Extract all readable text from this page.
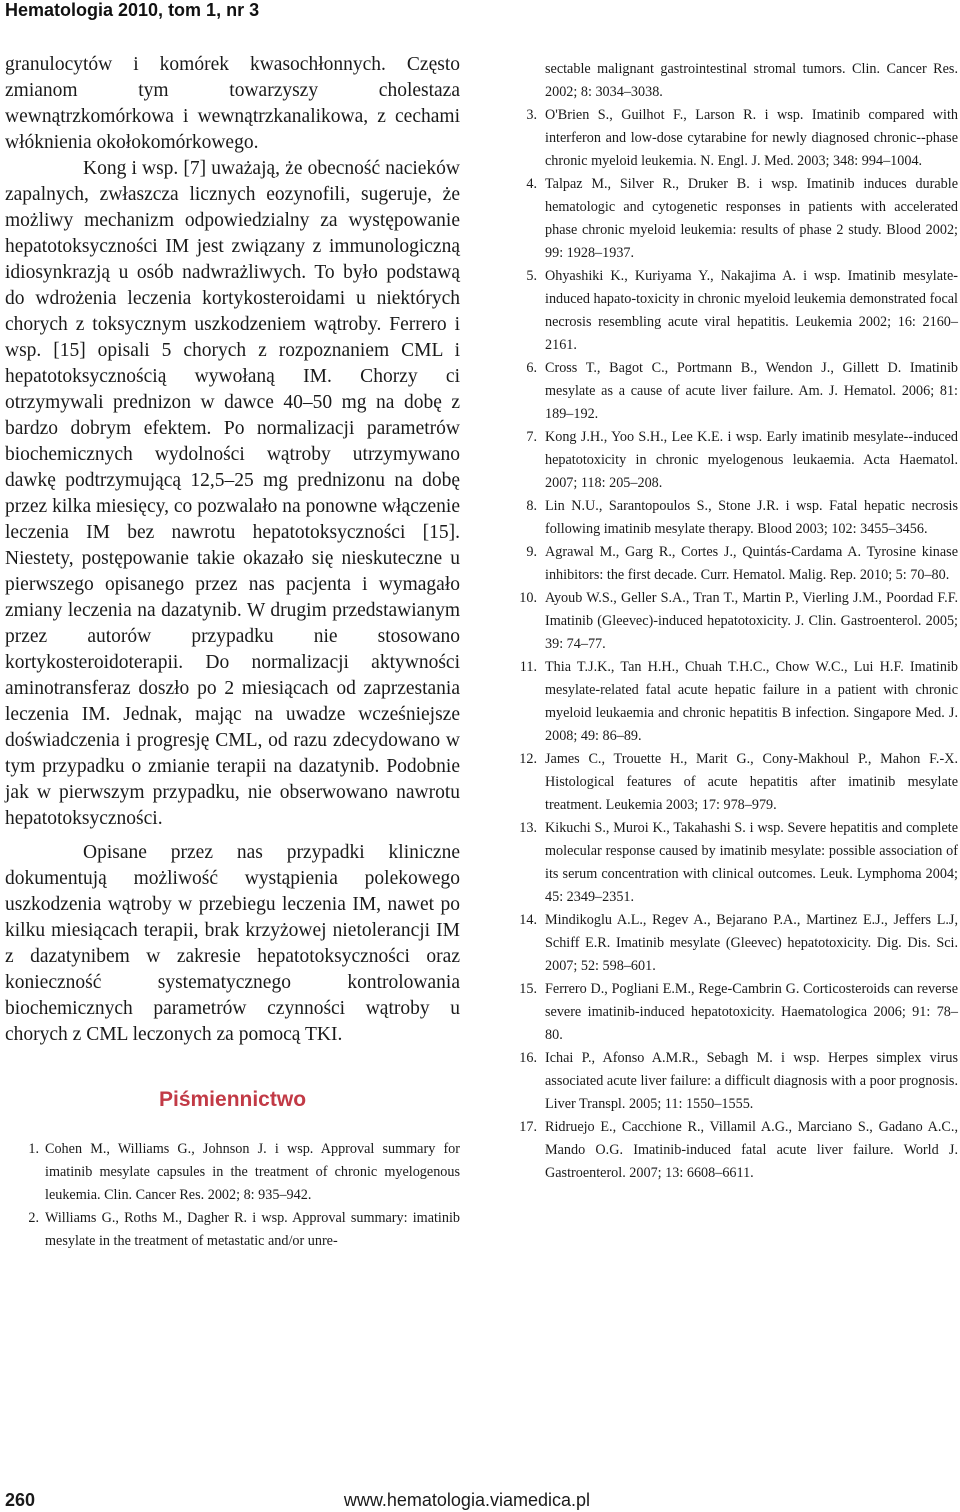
Hematologia 2010, tom 1, nr 3

granulocytów i komórek kwasochłonnych. Często zmianom tym towarzyszy cholestaza wewnątrzkomórkowa i wewnątrzkanalikowa, z cechami włóknienia okołokomórkowego.

Kong i wsp. [7] uważają, że obecność nacieków zapalnych, zwłaszcza licznych eozynofili, sugeruje, że możliwy mechanizm odpowiedzialny za występowanie hepatotoksyczności IM jest związany z immunologiczną idiosynkrazją u osób nadwrażliwych. To było podstawą do wdrożenia leczenia kortykosteroidami u niektórych chorych z toksycznym uszkodzeniem wątroby. Ferrero i wsp. [15] opisali 5 chorych z rozpoznaniem CML i hepatotoksycznością wywołaną IM. Chorzy ci otrzymywali prednizon w dawce 40–50 mg na dobę z bardzo dobrym efektem. Po normalizacji parametrów biochemicznych wydolności wątroby utrzymywano dawkę podtrzymującą 12,5–25 mg prednizonu na dobę przez kilka miesięcy, co pozwalało na ponowne włączenie leczenia IM bez nawrotu hepatotoksyczności [15]. Niestety, postępowanie takie okazało się nieskuteczne u pierwszego opisanego przez nas pacjenta i wymagało zmiany leczenia na dazatynib. W drugim przedstawianym przez autorów przypadku nie stosowano kortykosteroidoterapii. Do normalizacji aktywności aminotransferaz doszło po 2 miesiącach od zaprzestania leczenia IM. Jednak, mając na uwadze wcześniejsze doświadczenia i progresję CML, od razu zdecydowano w tym przypadku o zmianie terapii na dazatynib. Podobnie jak w pierwszym przypadku, nie obserwowano nawrotu hepatotoksyczności.

Opisane przez nas przypadki kliniczne dokumentują możliwość wystąpienia polekowego uszkodzenia wątroby w przebiegu leczenia IM, nawet po kilku miesiącach terapii, brak krzyżowej nietolerancji IM z dazatynibem w zakresie hepatotoksyczności oraz konieczność systematycznego kontrolowania biochemicznych parametrów czynności wątroby u chorych z CML leczonych za pomocą TKI.

Piśmiennictwo
1. Cohen M., Williams G., Johnson J. i wsp. Approval summary for imatinib mesylate capsules in the treatment of chronic myelogenous leukemia. Clin. Cancer Res. 2002; 8: 935–942.
2. Williams G., Roths M., Dagher R. i wsp. Approval summary: imatinib mesylate in the treatment of metastatic and/or unre-
sectable malignant gastrointestinal stromal tumors. Clin. Cancer Res. 2002; 8: 3034–3038.
3. O'Brien S., Guilhot F., Larson R. i wsp. Imatinib compared with interferon and low-dose cytarabine for newly diagnosed chronic--phase chronic myeloid leukemia. N. Engl. J. Med. 2003; 348: 994–1004.
4. Talpaz M., Silver R., Druker B. i wsp. Imatinib induces durable hematologic and cytogenetic responses in patients with accelerated phase chronic myeloid leukemia: results of phase 2 study. Blood 2002; 99: 1928–1937.
5. Ohyashiki K., Kuriyama Y., Nakajima A. i wsp. Imatinib mesylate-induced hapato-toxicity in chronic myeloid leukemia demonstrated focal necrosis resembling acute viral hepatitis. Leukemia 2002; 16: 2160–2161.
6. Cross T., Bagot C., Portmann B., Wendon J., Gillett D. Imatinib mesylate as a cause of acute liver failure. Am. J. Hematol. 2006; 81: 189–192.
7. Kong J.H., Yoo S.H., Lee K.E. i wsp. Early imatinib mesylate--induced hepatotoxicity in chronic myelogenous leukaemia. Acta Haematol. 2007; 118: 205–208.
8. Lin N.U., Sarantopoulos S., Stone J.R. i wsp. Fatal hepatic necrosis following imatinib mesylate therapy. Blood 2003; 102: 3455–3456.
9. Agrawal M., Garg R., Cortes J., Quintás-Cardama A. Tyrosine kinase inhibitors: the first decade. Curr. Hematol. Malig. Rep. 2010; 5: 70–80.
10. Ayoub W.S., Geller S.A., Tran T., Martin P., Vierling J.M., Poordad F.F. Imatinib (Gleevec)-induced hepatotoxicity. J. Clin. Gastroenterol. 2005; 39: 74–77.
11. Thia T.J.K., Tan H.H., Chuah T.H.C., Chow W.C., Lui H.F. Imatinib mesylate-related fatal acute hepatic failure in a patient with chronic myeloid leukaemia and chronic hepatitis B infection. Singapore Med. J. 2008; 49: 86–89.
12. James C., Trouette H., Marit G., Cony-Makhoul P., Mahon F.-X. Histological features of acute hepatitis after imatinib mesylate treatment. Leukemia 2003; 17: 978–979.
13. Kikuchi S., Muroi K., Takahashi S. i wsp. Severe hepatitis and complete molecular response caused by imatinib mesylate: possible association of its serum concentration with clinical outcomes. Leuk. Lymphoma 2004; 45: 2349–2351.
14. Mindikoglu A.L., Regev A., Bejarano P.A., Martinez E.J., Jeffers L.J, Schiff E.R. Imatinib mesylate (Gleevec) hepatotoxicity. Dig. Dis. Sci. 2007; 52: 598–601.
15. Ferrero D., Pogliani E.M., Rege-Cambrin G. Corticosteroids can reverse severe imatinib-induced hepatotoxicity. Haematologica 2006; 91: 78–80.
16. Ichai P., Afonso A.M.R., Sebagh M. i wsp. Herpes simplex virus associated acute liver failure: a difficult diagnosis with a poor prognosis. Liver Transpl. 2005; 11: 1550–1555.
17. Ridruejo E., Cacchione R., Villamil A.G., Marciano S., Gadano A.C., Mando O.G. Imatinib-induced fatal acute liver failure. World J. Gastroenterol. 2007; 13: 6608–6611.
260	www.hematologia.viamedica.pl
